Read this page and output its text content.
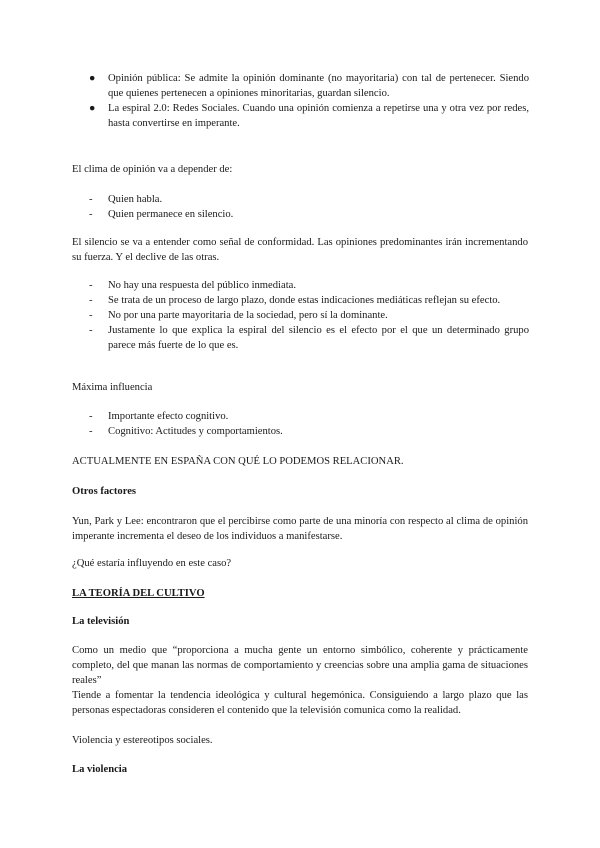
●	Opinión pública: Se admite la opinión dominante (no mayoritaria) con tal de pertenecer. Siendo que quienes pertenecen a opiniones minoritarias, guardan silencio.
●	La espiral 2.0: Redes Sociales. Cuando una opinión comienza a repetirse una y otra vez por redes, hasta convertirse en imperante.

El clima de opinión va a depender de:

-	Quien habla.
-	Quien permanece en silencio.

El silencio se va a entender como señal de conformidad. Las opiniones predominantes irán incrementando su fuerza. Y el declive de las otras.

-	No hay una respuesta del público inmediata.
-	Se trata de un proceso de largo plazo, donde estas indicaciones mediáticas reflejan su efecto.
-	No por una parte mayoritaria de la sociedad, pero sí la dominante.
-	Justamente lo que explica la espiral del silencio es el efecto por el que un determinado grupo parece más fuerte de lo que es.

Máxima influencia

-	Importante efecto cognitivo.
-	Cognitivo: Actitudes y comportamientos.

ACTUALMENTE EN ESPAÑA CON QUÉ LO PODEMOS RELACIONAR.

Otros factores

Yun, Park y Lee: encontraron que el percibirse como parte de una minoría con respecto al clima de opinión imperante incrementa el deseo de los individuos a manifestarse.

¿Qué estaría influyendo en este caso?

LA TEORÍA DEL CULTIVO

La televisión

Como un medio que “proporciona a mucha gente un entorno simbólico, coherente y prácticamente completo, del que manan las normas de comportamiento y creencias sobre una amplia gama de situaciones reales”

Tiende a fomentar la tendencia ideológica y cultural hegemónica. Consiguiendo a largo plazo que las personas espectadoras consideren el contenido que la televisión comunica como la realidad.

Violencia y estereotipos sociales.

La violencia
